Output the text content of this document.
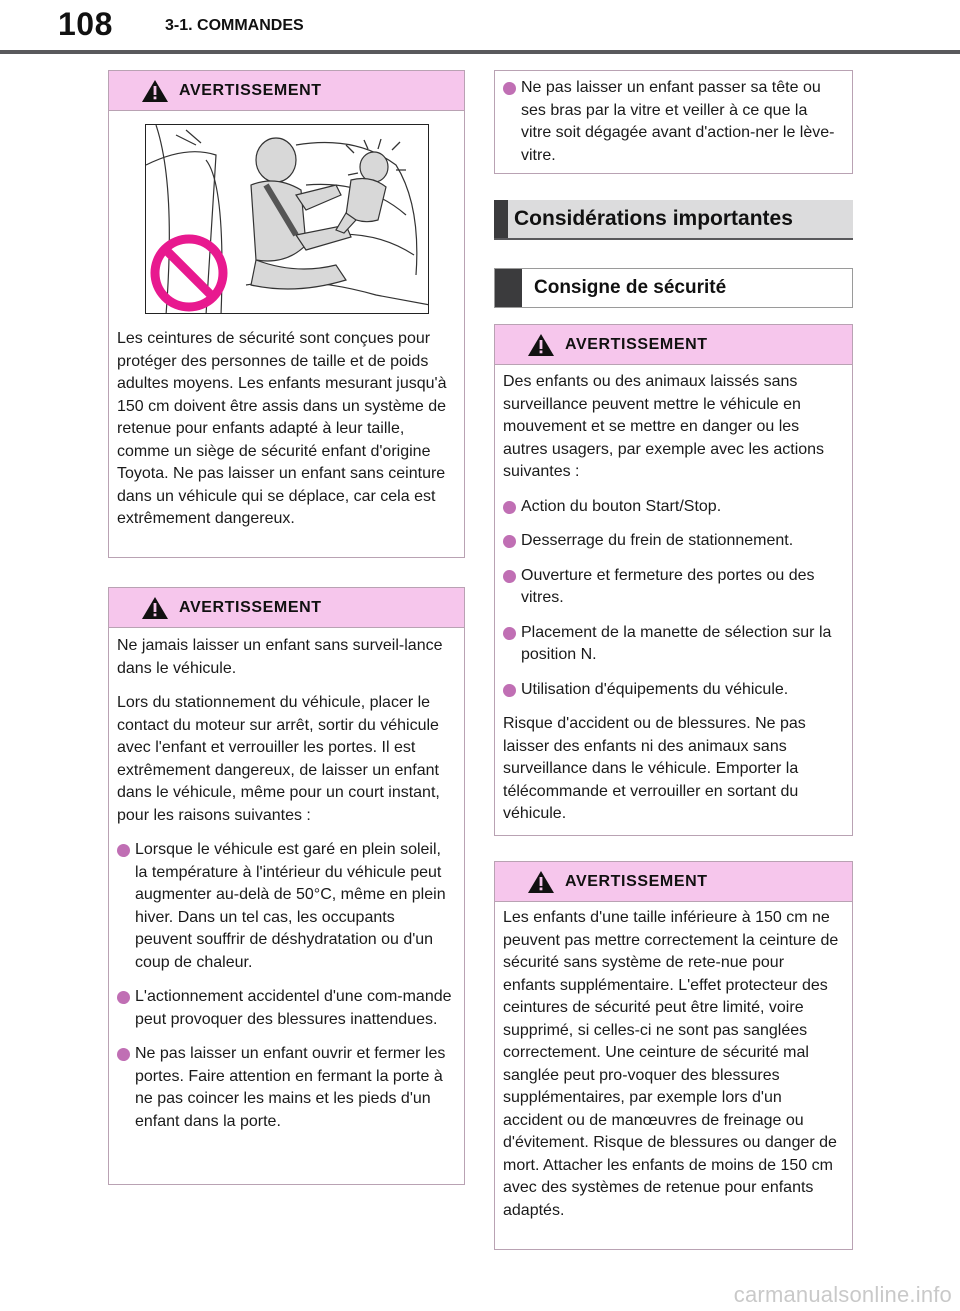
108	3-1. COMMANDES
AVERTISSEMENT

Les ceintures de sécurité sont conçues pour protéger des personnes de taille et de poids adultes moyens. Les enfants mesurant jusqu'à 150 cm doivent être assis dans un système de retenue pour enfants adapté à leur taille, comme un siège de sécurité enfant d'origine Toyota. Ne pas laisser un enfant sans ceinture dans un véhicule qui se déplace, car cela est extrêmement dangereux.

AVERTISSEMENT

Ne jamais laisser un enfant sans surveil-lance dans le véhicule.

Lors du stationnement du véhicule, placer le contact du moteur sur arrêt, sortir du véhicule avec l'enfant et verrouiller les portes. Il est extrêmement dangereux, de laisser un enfant dans le véhicule, même pour un court instant, pour les raisons suivantes :

Lorsque le véhicule est garé en plein soleil, la température à l'intérieur du véhicule peut augmenter au-delà de 50°C, même en plein hiver. Dans un tel cas, les occupants peuvent souffrir de déshydratation ou d'un coup de chaleur.
L'actionnement accidentel d'une com-mande peut provoquer des blessures inattendues.
Ne pas laisser un enfant ouvrir et fermer les portes. Faire attention en fermant la porte à ne pas coincer les mains et les pieds d'un enfant dans la porte.
Ne pas laisser un enfant passer sa tête ou ses bras par la vitre et veiller à ce que la vitre soit dégagée avant d'action-ner le lève-vitre.
Considérations importantes
Consigne de sécurité
AVERTISSEMENT

Des enfants ou des animaux laissés sans surveillance peuvent mettre le véhicule en mouvement et se mettre en danger ou les autres usagers, par exemple avec les actions suivantes :

Action du bouton Start/Stop.
Desserrage du frein de stationnement.
Ouverture et fermeture des portes ou des vitres.
Placement de la manette de sélection sur la position N.
Utilisation d'équipements du véhicule.

Risque d'accident ou de blessures. Ne pas laisser des enfants ni des animaux sans surveillance dans le véhicule. Emporter la télécommande et verrouiller en sortant du véhicule.

AVERTISSEMENT

Les enfants d'une taille inférieure à 150 cm ne peuvent pas mettre correctement la ceinture de sécurité sans système de rete-nue pour enfants supplémentaire. L'effet protecteur des ceintures de sécurité peut être limité, voire supprimé, si celles-ci ne sont pas sanglées correctement. Une ceinture de sécurité mal sanglée peut pro-voquer des blessures supplémentaires, par exemple lors d'un accident ou de manœuvres de freinage ou d'évitement. Risque de blessures ou danger de mort. Attacher les enfants de moins de 150 cm avec des systèmes de retenue pour enfants adaptés.

carmanualsonline.info
